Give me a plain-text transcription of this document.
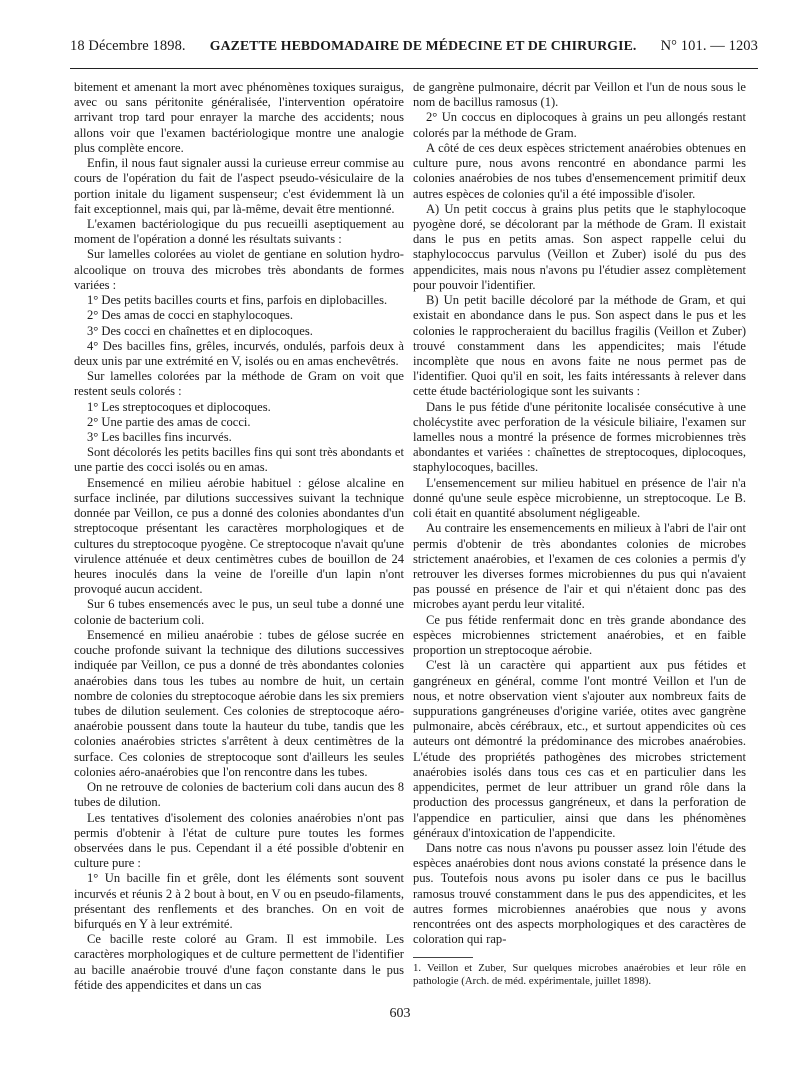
18 Décembre 1898. GAZETTE HEBDOMADAIRE DE MÉDECINE ET DE CHIRURGIE. N° 101. — 1203

bitement et amenant la mort avec phénomènes toxiques suraigus, avec ou sans péritonite généralisée, l'intervention opératoire arrivant trop tard pour enrayer la marche des accidents; nous allons voir que l'examen bactériologique montre une analogie plus complète encore.

Enfin, il nous faut signaler aussi la curieuse erreur commise au cours de l'opération du fait de l'aspect pseudo-vésiculaire de la portion initale du ligament suspenseur; c'est évidemment là un fait exceptionnel, mais qui, par là-même, devait être mentionné.

L'examen bactériologique du pus recueilli aseptiquement au moment de l'opération a donné les résultats suivants :

Sur lamelles colorées au violet de gentiane en solution hydro-alcoolique on trouva des microbes très abondants de formes variées :

1° Des petits bacilles courts et fins, parfois en diplobacilles.

2° Des amas de cocci en staphylocoques.

3° Des cocci en chaînettes et en diplocoques.

4° Des bacilles fins, grêles, incurvés, ondulés, parfois deux à deux unis par une extrémité en V, isolés ou en amas enchevêtrés.

Sur lamelles colorées par la méthode de Gram on voit que restent seuls colorés :

1° Les streptocoques et diplocoques.

2° Une partie des amas de cocci.

3° Les bacilles fins incurvés.

Sont décolorés les petits bacilles fins qui sont très abondants et une partie des cocci isolés ou en amas.

Ensemencé en milieu aérobie habituel : gélose alcaline en surface inclinée, par dilutions successives suivant la technique donnée par Veillon, ce pus a donné des colonies abondantes d'un streptocoque présentant les caractères morphologiques et de cultures du streptocoque pyogène. Ce streptocoque n'avait qu'une virulence atténuée et deux centimètres cubes de bouillon de 24 heures inoculés dans la veine de l'oreille d'un lapin n'ont provoqué aucun accident.

Sur 6 tubes ensemencés avec le pus, un seul tube a donné une colonie de bacterium coli.

Ensemencé en milieu anaérobie : tubes de gélose sucrée en couche profonde suivant la technique des dilutions successives indiquée par Veillon, ce pus a donné de très abondantes colonies anaérobies dans tous les tubes au nombre de huit, un certain nombre de colonies du streptocoque aérobie dans les six premiers tubes de dilution seulement. Ces colonies de streptocoque aéro-anaérobie poussent dans toute la hauteur du tube, tandis que les colonies anaérobies strictes s'arrêtent à deux centimètres de la surface. Ces colonies de streptocoque sont d'ailleurs les seules colonies aéro-anaérobies que l'on rencontre dans les tubes.

On ne retrouve de colonies de bacterium coli dans aucun des 8 tubes de dilution.

Les tentatives d'isolement des colonies anaérobies n'ont pas permis d'obtenir à l'état de culture pure toutes les formes observées dans le pus. Cependant il a été possible d'obtenir en culture pure :

1° Un bacille fin et grêle, dont les éléments sont souvent incurvés et réunis 2 à 2 bout à bout, en V ou en pseudo-filaments, présentant des renflements et des branches. On en voit de bifurqués en Y à leur extrémité.

Ce bacille reste coloré au Gram. Il est immobile. Les caractères morphologiques et de culture permettent de l'identifier au bacille anaérobie trouvé d'une façon constante dans le pus fétide des appendicites et dans un cas

de gangrène pulmonaire, décrit par Veillon et l'un de nous sous le nom de bacillus ramosus (1).

2° Un coccus en diplocoques à grains un peu allongés restant colorés par la méthode de Gram.

A côté de ces deux espèces strictement anaérobies obtenues en culture pure, nous avons rencontré en abondance parmi les colonies anaérobies de nos tubes d'ensemencement primitif deux autres espèces de colonies qu'il a été impossible d'isoler.

A) Un petit coccus à grains plus petits que le staphylocoque pyogène doré, se décolorant par la méthode de Gram. Il existait dans le pus en petits amas. Son aspect rappelle celui du staphylococcus parvulus (Veillon et Zuber) isolé du pus des appendicites, mais nous n'avons pu l'étudier assez complètement pour pouvoir l'identifier.

B) Un petit bacille décoloré par la méthode de Gram, et qui existait en abondance dans le pus. Son aspect dans le pus et les colonies le rapprocheraient du bacillus fragilis (Veillon et Zuber) trouvé constamment dans les appendicites; mais l'étude incomplète que nous en avons faite ne nous permet pas de l'identifier. Quoi qu'il en soit, les faits intéressants à relever dans cette étude bactériologique sont les suivants :

Dans le pus fétide d'une péritonite localisée consécutive à une cholécystite avec perforation de la vésicule biliaire, l'examen sur lamelles nous a montré la présence de formes microbiennes très abondantes et variées : chaînettes de streptocoques, diplocoques, staphylocoques, bacilles.

L'ensemencement sur milieu habituel en présence de l'air n'a donné qu'une seule espèce microbienne, un streptocoque. Le B. coli était en quantité absolument négligeable.

Au contraire les ensemencements en milieux à l'abri de l'air ont permis d'obtenir de très abondantes colonies de microbes strictement anaérobies, et l'examen de ces colonies a permis d'y retrouver les diverses formes microbiennes du pus qui n'avaient pas poussé en présence de l'air et qui n'étaient donc pas des microbes ayant perdu leur vitalité.

Ce pus fétide renfermait donc en très grande abondance des espèces microbiennes strictement anaérobies, et en faible proportion un streptocoque aérobie.

C'est là un caractère qui appartient aux pus fétides et gangréneux en général, comme l'ont montré Veillon et l'un de nous, et notre observation vient s'ajouter aux nombreux faits de suppurations gangréneuses d'origine variée, otites avec gangrène pulmonaire, abcès cérébraux, etc., et surtout appendicites où ces auteurs ont démontré la prédominance des microbes anaérobies. L'étude des propriétés pathogènes des microbes strictement anaérobies isolés dans tous ces cas et en particulier dans les appendicites, permet de leur attribuer un grand rôle dans la production des processus gangréneux, et dans la perforation de l'appendice en particulier, ainsi que dans les phénomènes généraux d'intoxication de l'appendicite.

Dans notre cas nous n'avons pu pousser assez loin l'étude des espèces anaérobies dont nous avions constaté la présence dans le pus. Toutefois nous avons pu isoler dans ce pus le bacillus ramosus trouvé constamment dans le pus des appendicites, et les autres formes microbiennes anaérobies que nous y avons rencontrées ont des aspects morphologiques et des caractères de coloration qui rap-

1. Veillon et Zuber, Sur quelques microbes anaérobies et leur rôle en pathologie (Arch. de méd. expérimentale, juillet 1898).
603
